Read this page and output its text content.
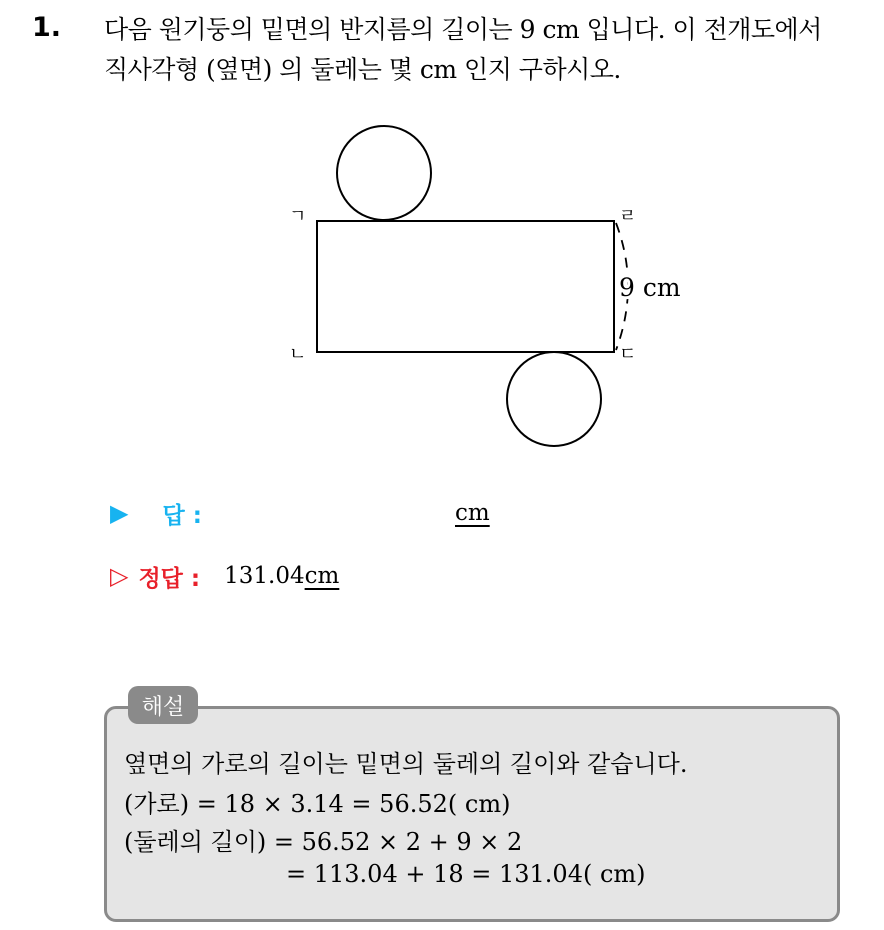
1. 다음 원기둥의 밑면의 반지름의 길이는 9 cm 입니다. 이 전개도에서
직사각형 (옆면) 의 둘레는 몇 cm 인지 구하시오.
ㄱ	ㄹ
ㄴ	ㄷ
9 cm
▶ 답 :	cm
▷ 정답 : 131.04 cm
해설
옆면의 가로의 길이는 밑면의 둘레의 길이와 같습니다.
(가로) = 18 × 3.14 = 56.52( cm)
(둘레의 길이) = 56.52 × 2 + 9 × 2
= 113.04 + 18 = 131.04( cm)
